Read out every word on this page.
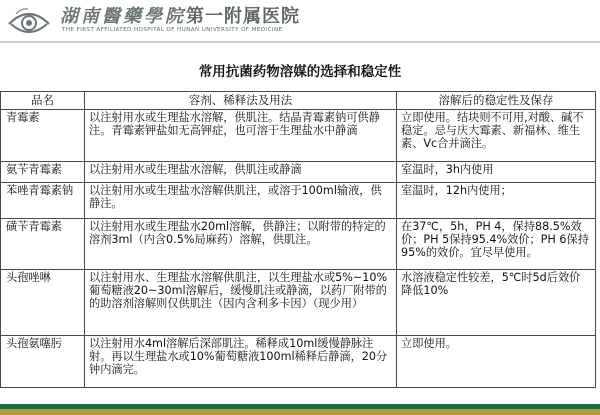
湖南醫藥學院第一附属医院
THE FIRST AFFILIATED HOSPITAL OF HUNAN UNIVERSITY OF MEDICINE
常用抗菌药物溶媒的选择和稳定性
品名	容剂、稀释法及用法	溶解后的稳定性及保存
青霉素	以注射用水或生理盐水溶解，供肌注。结晶青霉素钠可供静注。青霉素钾盐如无高钾症，也可溶于生理盐水中静滴	立即使用。结块则不可用,对酸、碱不稳定。忌与庆大霉素、新福林、维生素、Vc合并滴注。
氨苄青霉素	以注射用水或生理盐水溶解，供肌注或静滴	室温时，3h内使用
苯唑青霉素钠	以注射用水或生理盐水溶解供肌注，或溶于100ml输液，供静注。	室温时，12h内使用；
磺苄青霉素	以注射用水或生理盐水20ml溶解，供静注；以附带的特定的溶剂3ml（内含0.5%局麻药）溶解，供肌注。	在37℃，5h，PH 4，保持88.5%效价；PH 5保持95.4%效价；PH 6保持95%的效价。宜尽早使用。
头孢唑啉	以注射用水、生理盐水溶解供肌注，以生理盐水或5%~10%葡萄糖液20~30ml溶解后，缓慢肌注或静滴，以药厂附带的的助溶剂溶解则仅供肌注（因内含利多卡因）（现少用）	水溶液稳定性较差，5℃时5d后效价降低10%
头孢氨噻肟	以注射用水4ml溶解后深部肌注。稀释成10ml缓慢静脉注射。再以生理盐水或10%葡萄糖液100ml稀释后静滴，20分钟内滴完。	立即使用。
